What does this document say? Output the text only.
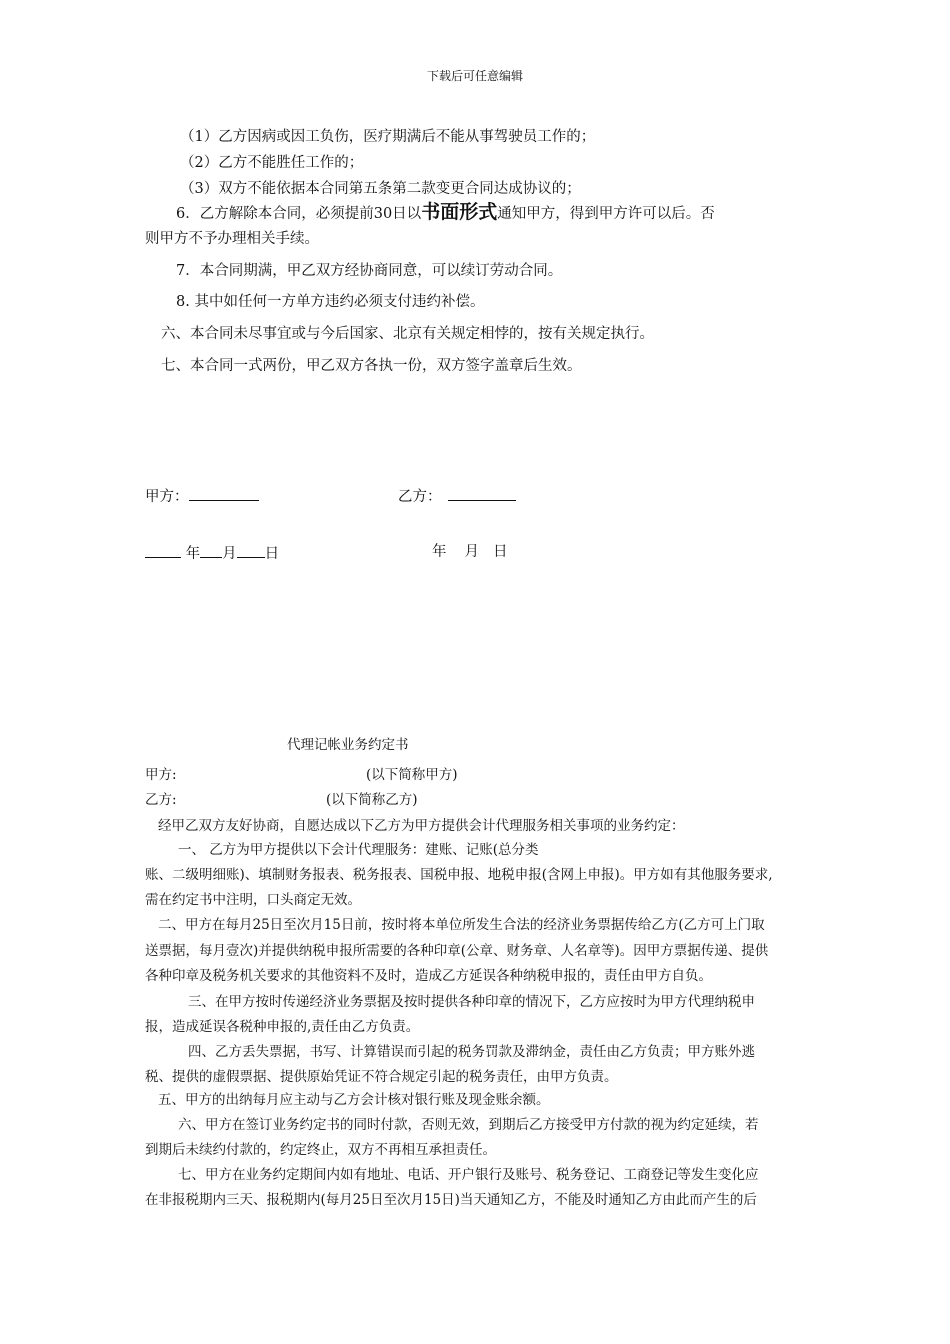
下载后可任意编辑
（1）乙方因病或因工负伤，医疗期满后不能从事驾驶员工作的；
（2）乙方不能胜任工作的；
（3）双方不能依据本合同第五条第二款变更合同达成协议的；
6．乙方解除本合同，必须提前30日以书面形式通知甲方，得到甲方许可以后。否
则甲方不予办理相关手续。
7．本合同期满，甲乙双方经协商同意，可以续订劳动合同。
8. 其中如任何一方单方违约必须支付违约补偿。
六、本合同未尽事宜或与今后国家、北京有关规定相悖的，按有关规定执行。
七、本合同一式两份，甲乙双方各执一份，双方签字盖章后生效。
甲方：	乙方：
年 月 日	年 月 日
代理记帐业务约定书
甲方:	(以下简称甲方)
乙方:	(以下简称乙方)
经甲乙双方友好协商，自愿达成以下乙方为甲方提供会计代理服务相关事项的业务约定：
一、 乙方为甲方提供以下会计代理服务：建账、记账(总分类
账、二级明细账)、填制财务报表、税务报表、国税申报、地税申报(含网上申报)。甲方如有其他服务要求,
需在约定书中注明，口头商定无效。
二、甲方在每月25日至次月15日前，按时将本单位所发生合法的经济业务票据传给乙方(乙方可上门取
送票据，每月壹次)并提供纳税申报所需要的各种印章(公章、财务章、人名章等)。因甲方票据传递、提供
各种印章及税务机关要求的其他资料不及时，造成乙方延误各种纳税申报的，责任由甲方自负。
三、在甲方按时传递经济业务票据及按时提供各种印章的情况下，乙方应按时为甲方代理纳税申
报，造成延误各税种申报的,责任由乙方负责。
四、乙方丢失票据，书写、计算错误而引起的税务罚款及滞纳金，责任由乙方负责；甲方账外逃
税、提供的虚假票据、提供原始凭证不符合规定引起的税务责任，由甲方负责。
五、甲方的出纳每月应主动与乙方会计核对银行账及现金账余额。
六、甲方在签订业务约定书的同时付款，否则无效，到期后乙方接受甲方付款的视为约定延续，若
到期后未续约付款的，约定终止，双方不再相互承担责任。
七、甲方在业务约定期间内如有地址、电话、开户银行及账号、税务登记、工商登记等发生变化应
在非报税期内三天、报税期内(每月25日至次月15日)当天通知乙方，不能及时通知乙方由此而产生的后
